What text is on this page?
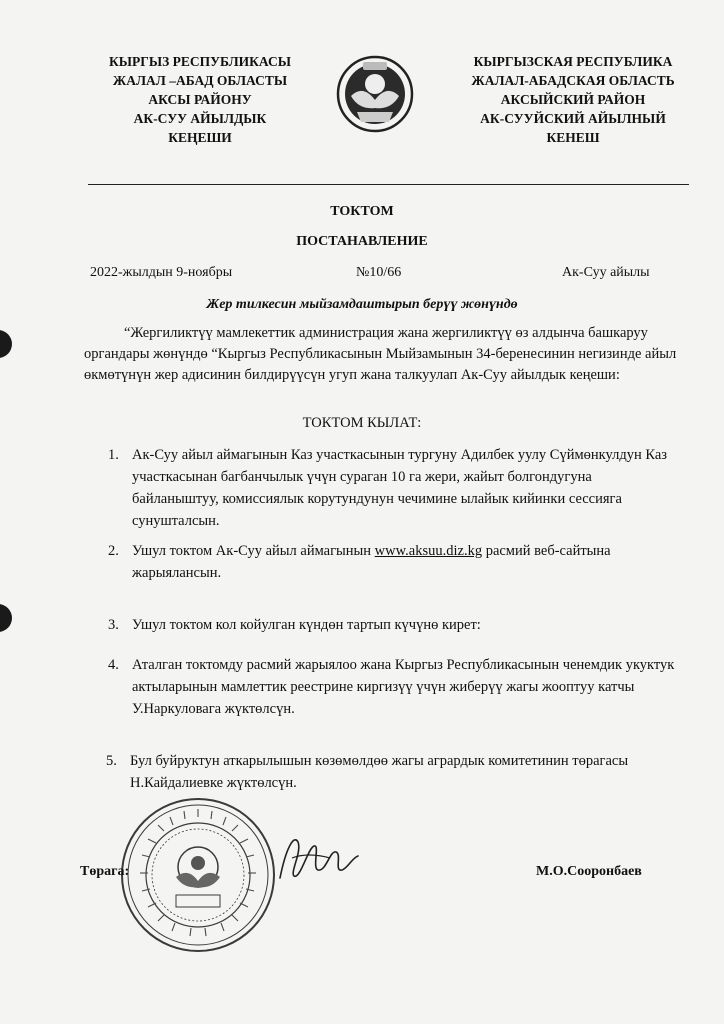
КЫРГЫЗ РЕСПУБЛИКАСЫ
ЖАЛАЛ –АБАД ОБЛАСТЫ
АКСЫ РАЙОНУ
АК-СУУ АЙЫЛДЫК
КЕҢЕШИ
КЫРГЫЗСКАЯ РЕСПУБЛИКА
ЖАЛАЛ-АБАДСКАЯ ОБЛАСТЬ
АКСЫЙСКИЙ РАЙОН
АК-СУУЙСКИЙ АЙЫЛНЫЙ
КЕНЕШ
ТОКТОМ
ПОСТАНАВЛЕНИЕ
2022-жылдын 9-ноябры	№10/66	Ак-Суу айылы
Жер тилкесин мыйзамдаштырып берүү жөнүндө
“Жергиликтүү мамлекеттик администрация жана жергиликтүү өз алдынча башкаруу органдары жөнүндө “Кыргыз Республикасынын Мыйзамынын 34-беренесинин негизинде айыл өкмөтүнүн жер адисинин билдирүүсүн угуп жана талкуулап Ак-Суу айылдык кеңеши:
ТОКТОМ КЫЛАТ:
1. Ак-Суу айыл аймагынын Каз участкасынын тургуну Адилбек уулу Сүймөнкулдун Каз участкасынан багбанчылык үчүн сураган 10 га жери, жайыт болгондугуна байланыштуу, комиссиялык корутундунун чечимине ылайык кийинки сессияга сунушталсын.
2. Ушул токтом Ак-Суу айыл аймагынын www.aksuu.diz.kg расмий веб-сайтына жарыялансын.
3. Ушул токтом кол койулган күндөн тартып күчүнө кирет:
4. Аталган токтомду расмий жарыялоо жана Кыргыз Республикасынын ченемдик укуктук актыларынын мамлеттик реестрине киргизүү үчүн жиберүү жагы жооптуу катчы У.Наркуловага жүктөлсүн.
5. Бул буйруктун аткарылышын көзөмөлдөө жагы агрардык комитетинин төрагасы Н.Кайдалиевке жүктөлсүн.
Төрага:	М.О.Сооронбаев
